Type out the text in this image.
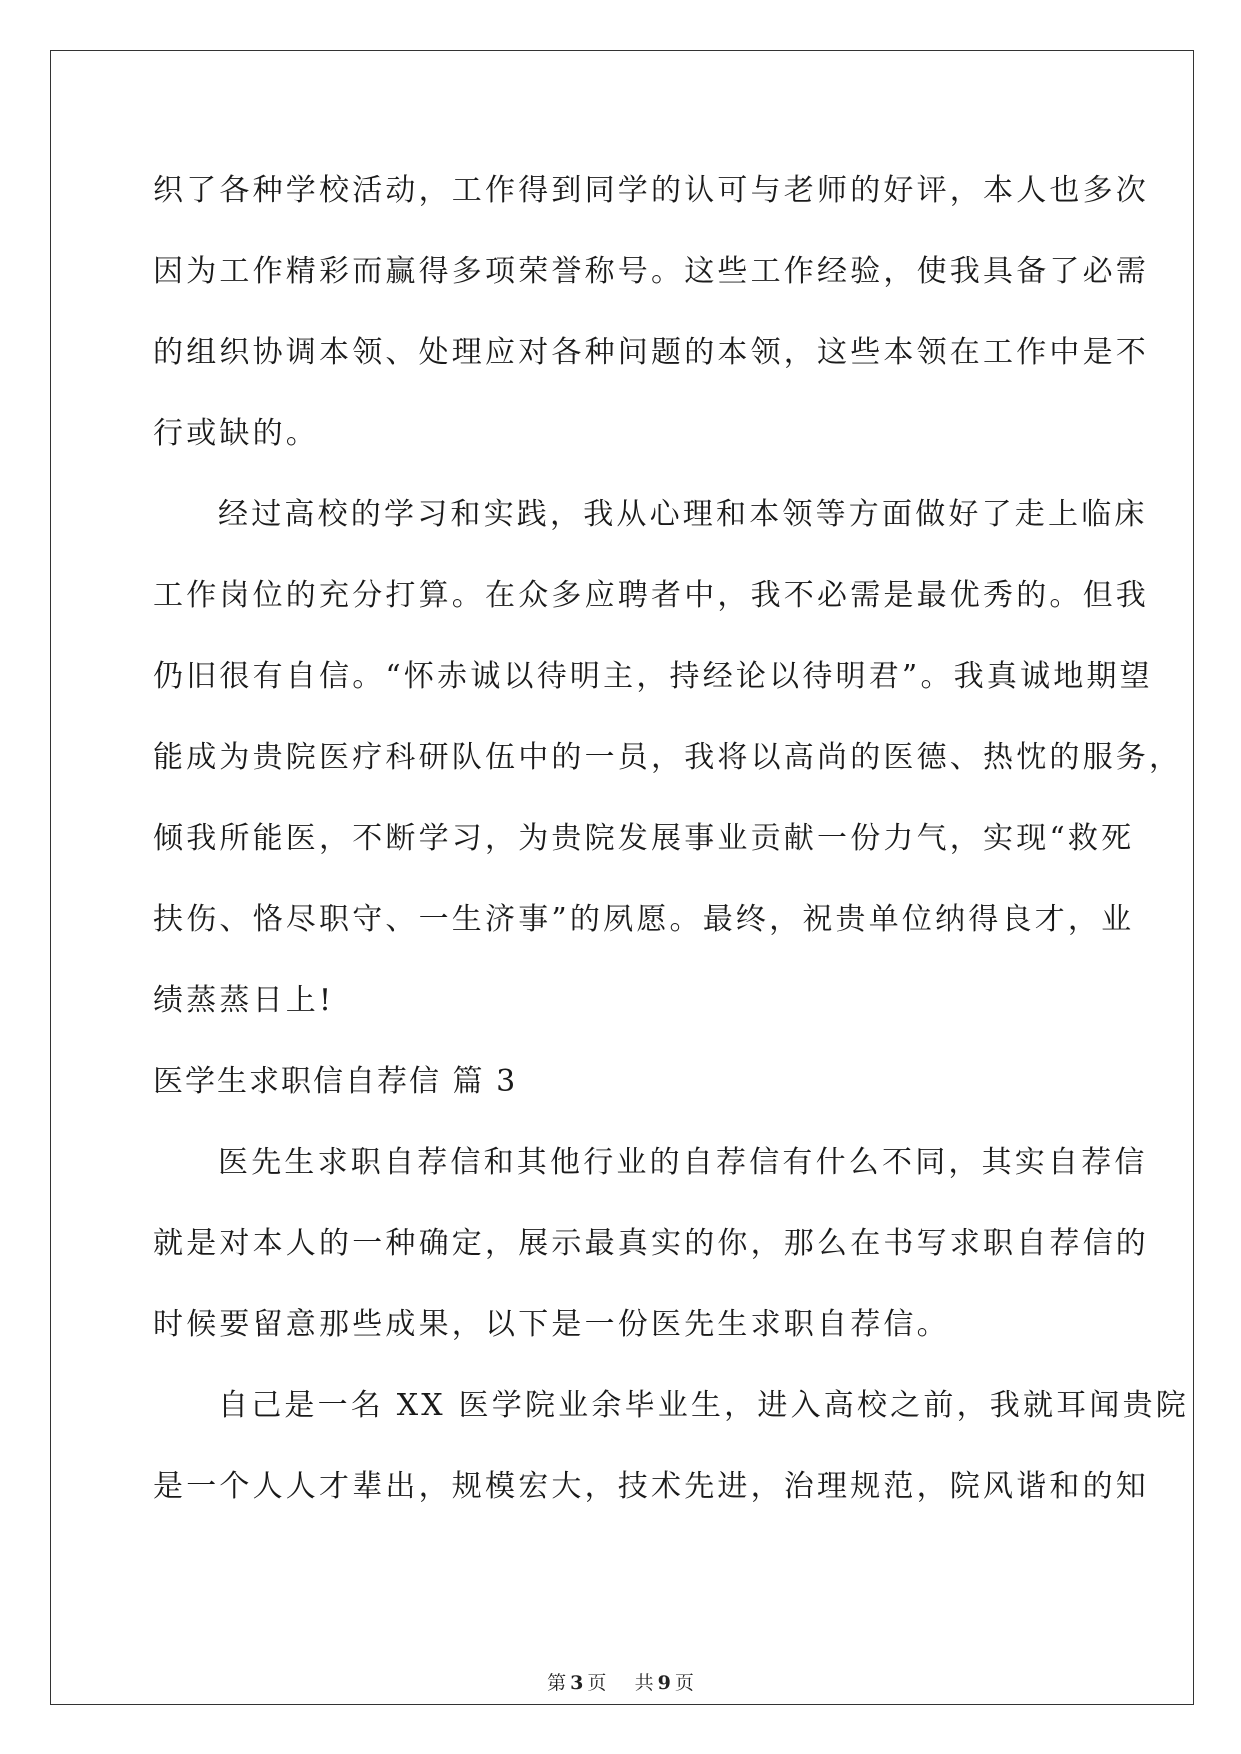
织了各种学校活动，工作得到同学的认可与老师的好评，本人也多次
因为工作精彩而赢得多项荣誉称号。这些工作经验，使我具备了必需
的组织协调本领、处理应对各种问题的本领，这些本领在工作中是不
行或缺的。
经过高校的学习和实践，我从心理和本领等方面做好了走上临床
工作岗位的充分打算。在众多应聘者中，我不必需是最优秀的。但我
仍旧很有自信。“怀赤诚以待明主，持经论以待明君”。我真诚地期望
能成为贵院医疗科研队伍中的一员，我将以高尚的医德、热忱的服务，
倾我所能医，不断学习，为贵院发展事业贡献一份力气，实现“救死
扶伤、恪尽职守、一生济事”的夙愿。最终，祝贵单位纳得良才，业
绩蒸蒸日上!
医学生求职信自荐信 篇 3
医先生求职自荐信和其他行业的自荐信有什么不同，其实自荐信
就是对本人的一种确定，展示最真实的你，那么在书写求职自荐信的
时候要留意那些成果，以下是一份医先生求职自荐信。
自己是一名 XX 医学院业余毕业生，进入高校之前，我就耳闻贵院
是一个人人才辈出，规模宏大，技术先进，治理规范，院风谐和的知
第 3 页 共 9 页
